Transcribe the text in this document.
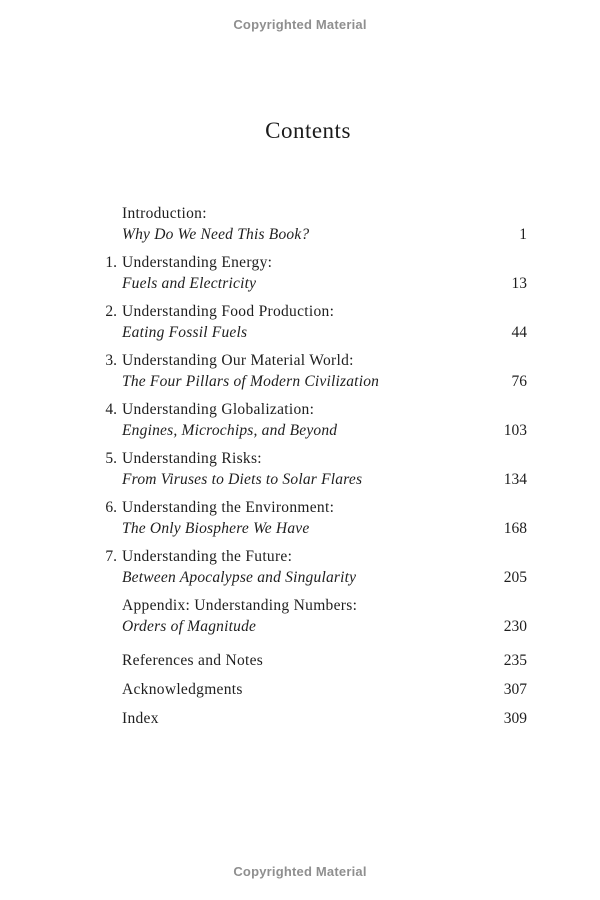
Copyrighted Material
Contents
Introduction:
Why Do We Need This Book?	1
1. Understanding Energy:
Fuels and Electricity	13
2. Understanding Food Production:
Eating Fossil Fuels	44
3. Understanding Our Material World:
The Four Pillars of Modern Civilization	76
4. Understanding Globalization:
Engines, Microchips, and Beyond	103
5. Understanding Risks:
From Viruses to Diets to Solar Flares	134
6. Understanding the Environment:
The Only Biosphere We Have	168
7. Understanding the Future:
Between Apocalypse and Singularity	205
Appendix: Understanding Numbers:
Orders of Magnitude	230
References and Notes	235
Acknowledgments	307
Index	309
Copyrighted Material
